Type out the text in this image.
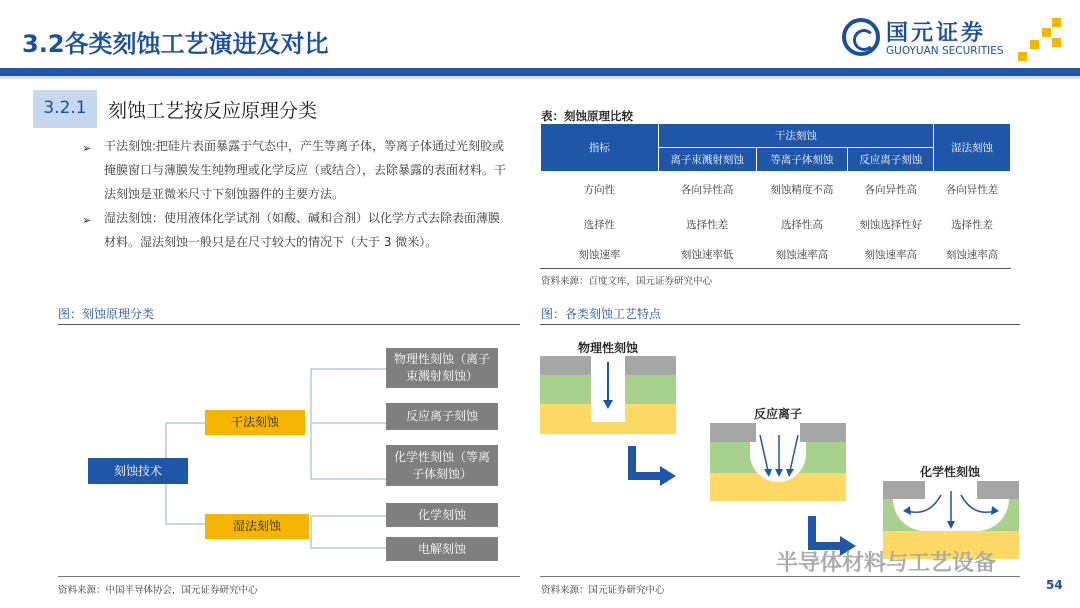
3.2各类刻蚀工艺演进及对比	国元证券
GUOYUAN SECURITIES
3.2.1	刻蚀工艺按反应原理分类
➢ 干法刻蚀:把硅片表面暴露于气态中，产生等离子体，等离子体通过光刻胶或掩膜窗口与薄膜发生纯物理或化学反应（或结合），去除暴露的表面材料。干法刻蚀是亚微米尺寸下刻蚀器件的主要方法。
➢ 湿法刻蚀：使用液体化学试剂（如酸、碱和合剂）以化学方式去除表面薄膜材料。湿法刻蚀一般只是在尺寸较大的情况下（大于 3 微米）。
表：刻蚀原理比较
指标	干法刻蚀			湿法刻蚀
	离子束溅射刻蚀	等离子体刻蚀	反应离子刻蚀	
方向性	各向异性高	刻蚀精度不高	各向异性高	各向异性差
选择性	选择性差	选择性高	刻蚀选择性好	选择性差
刻蚀速率	刻蚀速率低	刻蚀速率高	刻蚀速率高	刻蚀速率高
资料来源：百度文库，国元证券研究中心
图：刻蚀原理分类	图：各类刻蚀工艺特点
刻蚀技术
干法刻蚀
湿法刻蚀
物理性刻蚀（离子束溅射刻蚀）
反应离子刻蚀
化学性刻蚀（等离子体刻蚀）
化学刻蚀
电解刻蚀
物理性刻蚀
反应离子
化学性刻蚀
资料来源：中国半导体协会，国元证券研究中心	资料来源：国元证券研究中心
半导体材料与工艺设备
54
